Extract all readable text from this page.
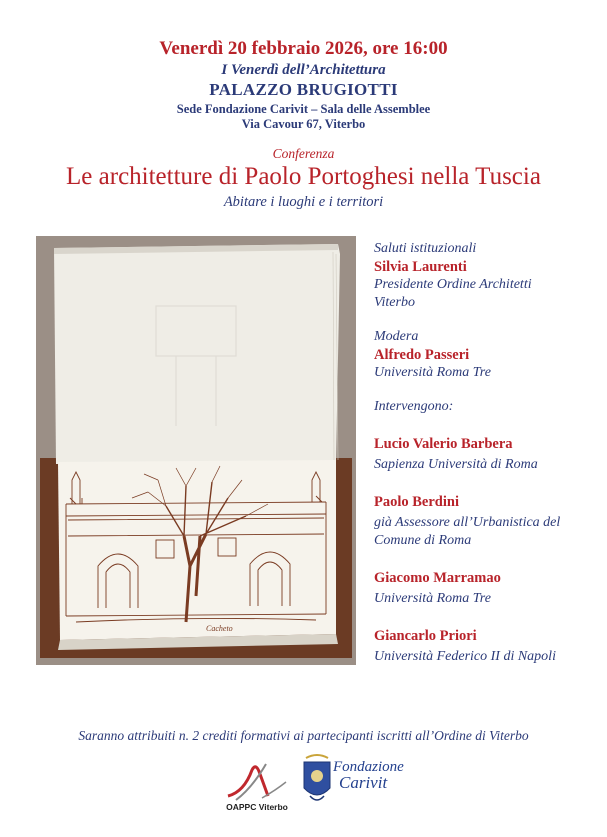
Venerdì 20 febbraio 2026, ore 16:00
I Venerdì dell’Architettura
PALAZZO BRUGIOTTI
Sede Fondazione Carivit – Sala delle Assemblee
Via Cavour 67, Viterbo
Conferenza
Le architetture di Paolo Portoghesi nella Tuscia
Abitare i luoghi e i territori
Cacheto
Saluti istituzionali
Silvia Laurenti
Presidente Ordine Architetti
Viterbo
Modera
Alfredo Passeri
Università Roma Tre
Intervengono:
Lucio Valerio Barbera
Sapienza Università di Roma
Paolo Berdini
già Assessore all’Urbanistica del
Comune di Roma
Giacomo Marramao
Università Roma Tre
Giancarlo Priori
Università Federico II di Napoli
Saranno attribuiti n. 2 crediti formativi ai partecipanti iscritti all’Ordine di Viterbo
OAPPC Viterbo
Fondazione
Carivit
